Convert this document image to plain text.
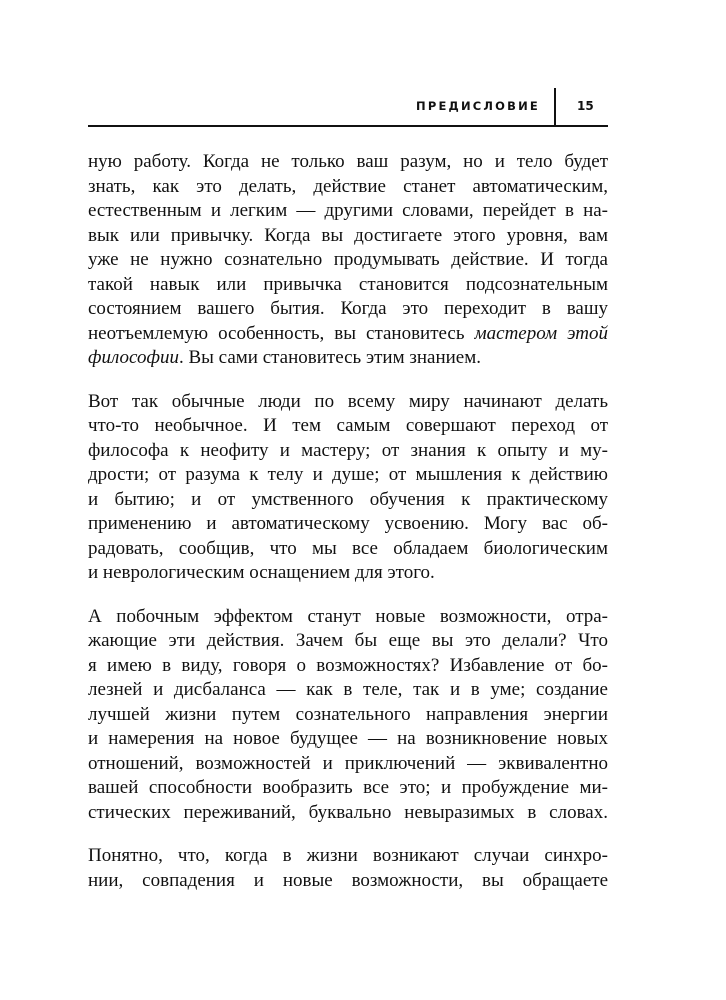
ПРЕДИСЛОВИЕ	15

ную работу. Когда не только ваш разум, но и тело будет
знать, как это делать, действие станет автоматическим,
естественным и легким — другими словами, перейдет в на-
вык или привычку. Когда вы достигаете этого уровня, вам
уже не нужно сознательно продумывать действие. И тогда
такой навык или привычка становится подсознательным
состоянием вашего бытия. Когда это переходит в вашу
неотъемлемую особенность, вы становитесь мастером этой
философии. Вы сами становитесь этим знанием.

Вот так обычные люди по всему миру начинают делать
что-то необычное. И тем самым совершают переход от
философа к неофиту и мастеру; от знания к опыту и му-
дрости; от разума к телу и душе; от мышления к действию
и бытию; и от умственного обучения к практическому
применению и автоматическому усвоению. Могу вас об-
радовать, сообщив, что мы все обладаем биологическим
и неврологическим оснащением для этого.

А побочным эффектом станут новые возможности, отра-
жающие эти действия. Зачем бы еще вы это делали? Что
я имею в виду, говоря о возможностях? Избавление от бо-
лезней и дисбаланса — как в теле, так и в уме; создание
лучшей жизни путем сознательного направления энергии
и намерения на новое будущее — на возникновение новых
отношений, возможностей и приключений — эквивалентно
вашей способности вообразить все это; и пробуждение ми-
стических переживаний, буквально невыразимых в словах.

Понятно, что, когда в жизни возникают случаи синхро-
нии, совпадения и новые возможности, вы обращаете
